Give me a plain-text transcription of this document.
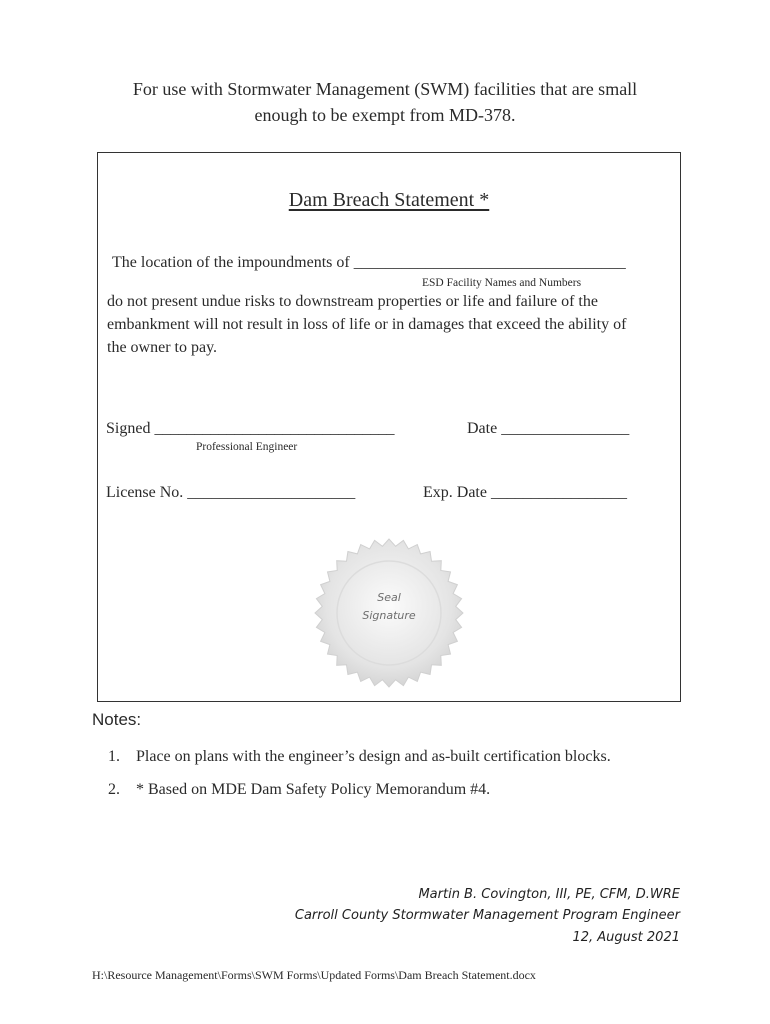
For use with Stormwater Management (SWM) facilities that are small
enough to be exempt from MD-378.
Dam Breach Statement *
The location of the impoundments of __________________________________
ESD Facility Names and Numbers
do not present undue risks to downstream properties or life and failure of the
embankment will not result in loss of life or in damages that exceed the ability of
the owner to pay.
Signed ______________________________
Professional Engineer
Date ________________
License No. _____________________	Exp. Date _________________
Seal
Signature
Notes:
1. Place on plans with the engineer’s design and as-built certification blocks.
2. * Based on MDE Dam Safety Policy Memorandum #4.
Martin B. Covington, III, PE, CFM, D.WRE
Carroll County Stormwater Management Program Engineer
12, August 2021
H:\Resource Management\Forms\SWM Forms\Updated Forms\Dam Breach Statement.docx
